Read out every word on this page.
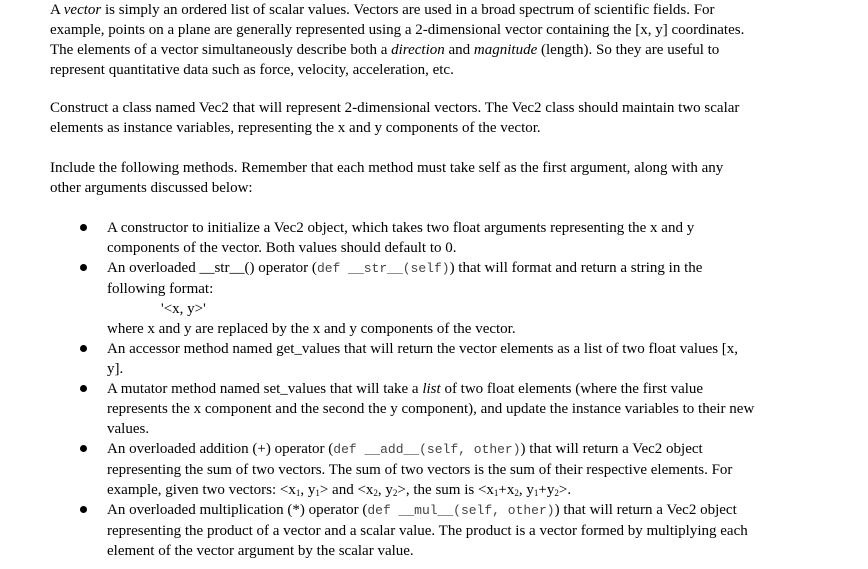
A vector is simply an ordered list of scalar values. Vectors are used in a broad spectrum of scientific fields. For
example, points on a plane are generally represented using a 2-dimensional vector containing the [x, y] coordinates.
The elements of a vector simultaneously describe both a direction and magnitude (length). So they are useful to
represent quantitative data such as force, velocity, acceleration, etc.

Construct a class named Vec2 that will represent 2-dimensional vectors. The Vec2 class should maintain two scalar
elements as instance variables, representing the x and y components of the vector.

Include the following methods. Remember that each method must take self as the first argument, along with any
other arguments discussed below:

A constructor to initialize a Vec2 object, which takes two float arguments representing the x and y
components of the vector. Both values should default to 0.
An overloaded __str__() operator (def __str__(self)) that will format and return a string in the
following format:
'<x, y>'
where x and y are replaced by the x and y components of the vector.
An accessor method named get_values that will return the vector elements as a list of two float values [x,
y].
A mutator method named set_values that will take a list of two float elements (where the first value
represents the x component and the second the y component), and update the instance variables to their new
values.
An overloaded addition (+) operator (def __add__(self, other)) that will return a Vec2 object
representing the sum of two vectors. The sum of two vectors is the sum of their respective elements. For
example, given two vectors: $<x_1$, $y_1>$ and $<x_2$, $y_2>$, the sum is $<x_1+x_2$, $y_1+y_2>$.
An overloaded multiplication (*) operator (def __mul__(self, other)) that will return a Vec2 object
representing the product of a vector and a scalar value. The product is a vector formed by multiplying each
element of the vector argument by the scalar value.
